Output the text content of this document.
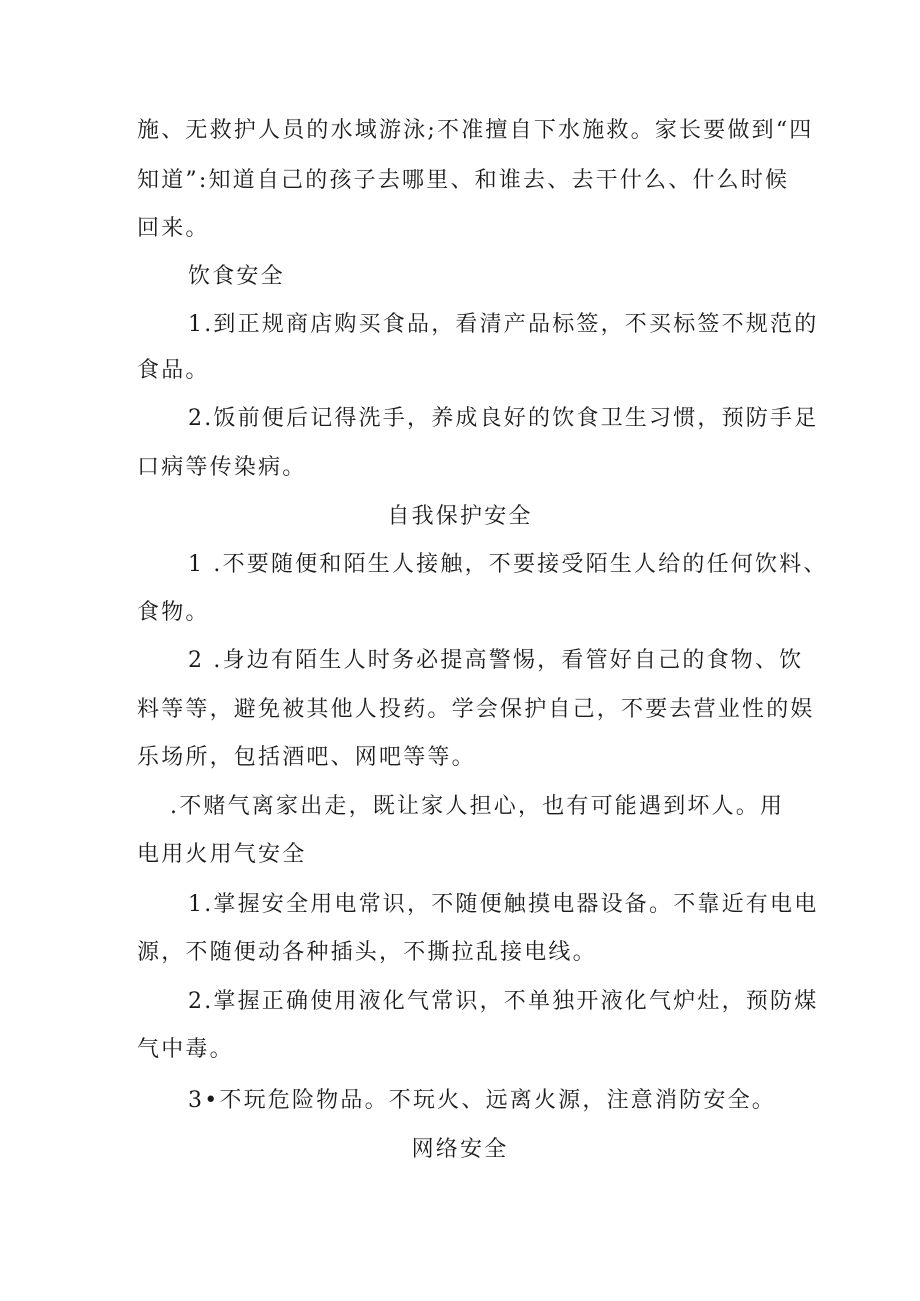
施、无救护人员的水域游泳;不准擅自下水施救。家长要做到“四
知道”:知道自己的孩子去哪里、和谁去、去干什么、什么时候
回来。
饮食安全
1.到正规商店购买食品，看清产品标签，不买标签不规范的
食品。
2.饭前便后记得洗手，养成良好的饮食卫生习惯，预防手足
口病等传染病。
自我保护安全
1 .不要随便和陌生人接触，不要接受陌生人给的任何饮料、
食物。
2 .身边有陌生人时务必提高警惕，看管好自己的食物、饮
料等等，避免被其他人投药。学会保护自己，不要去营业性的娱
乐场所，包括酒吧、网吧等等。
.不赌气离家出走，既让家人担心，也有可能遇到坏人。用
电用火用气安全
1.掌握安全用电常识，不随便触摸电器设备。不靠近有电电
源，不随便动各种插头，不撕拉乱接电线。
2.掌握正确使用液化气常识，不单独开液化气炉灶，预防煤
气中毒。
3•不玩危险物品。不玩火、远离火源，注意消防安全。
网络安全
